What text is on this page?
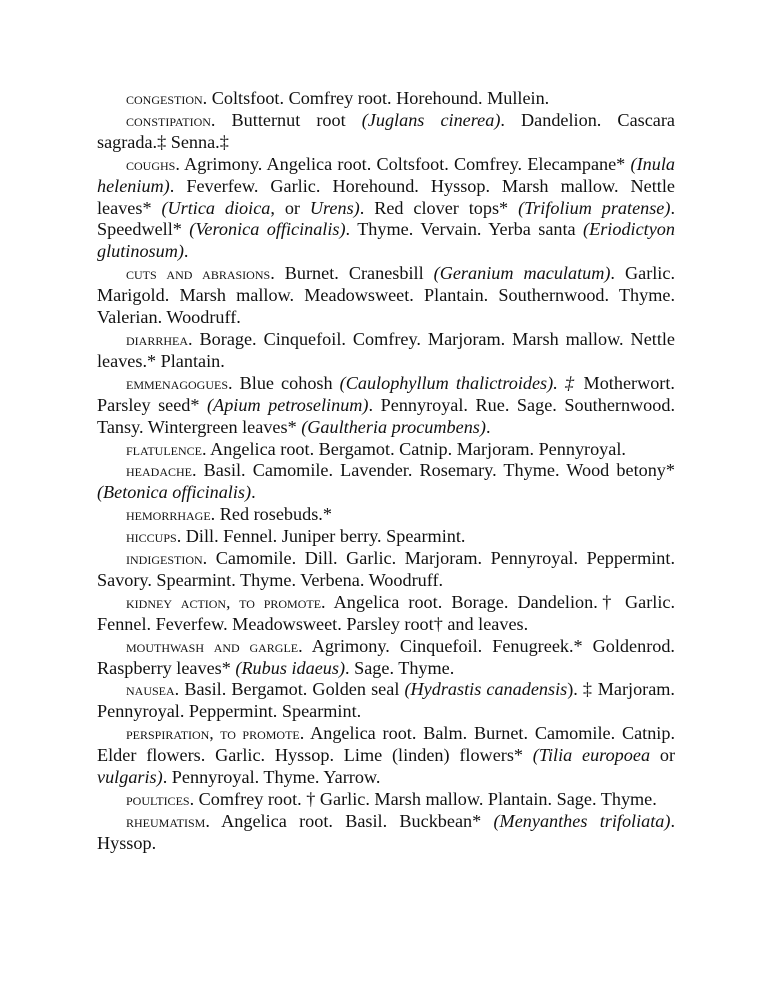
congestion. Coltsfoot. Comfrey root. Horehound. Mullein.

constipation. Butternut root (Juglans cinerea). Dandelion. Cascara sagrada.‡ Senna.‡

coughs. Agrimony. Angelica root. Coltsfoot. Comfrey. Elecampane* (Inula helenium). Feverfew. Garlic. Horehound. Hyssop. Marsh mallow. Nettle leaves* (Urtica dioica, or Urens). Red clover tops* (Trifolium pratense). Speedwell* (Veronica officinalis). Thyme. Vervain. Yerba santa (Eriodictyon glutinosum).

cuts and abrasions. Burnet. Cranesbill (Geranium maculatum). Garlic. Marigold. Marsh mallow. Meadowsweet. Plantain. Southernwood. Thyme. Valerian. Woodruff.

diarrhea. Borage. Cinquefoil. Comfrey. Marjoram. Marsh mallow. Nettle leaves.* Plantain.

emmenagogues. Blue cohosh (Caulophyllum thalictroides). ‡ Motherwort. Parsley seed* (Apium petroselinum). Pennyroyal. Rue. Sage. Southernwood. Tansy. Wintergreen leaves* (Gaultheria procumbens).

flatulence. Angelica root. Bergamot. Catnip. Marjoram. Pennyroyal.

headache. Basil. Camomile. Lavender. Rosemary. Thyme. Wood betony* (Betonica officinalis).

hemorrhage. Red rosebuds.*

hiccups. Dill. Fennel. Juniper berry. Spearmint.

indigestion. Camomile. Dill. Garlic. Marjoram. Pennyroyal. Peppermint. Savory. Spearmint. Thyme. Verbena. Woodruff.

kidney action, to promote. Angelica root. Borage. Dandelion.† Garlic. Fennel. Feverfew. Meadowsweet. Parsley root† and leaves.

mouthwash and gargle. Agrimony. Cinquefoil. Fenugreek.* Goldenrod. Raspberry leaves* (Rubus idaeus). Sage. Thyme.

nausea. Basil. Bergamot. Golden seal (Hydrastis canadensis). ‡ Marjoram. Pennyroyal. Peppermint. Spearmint.

perspiration, to promote. Angelica root. Balm. Burnet. Camomile. Catnip. Elder flowers. Garlic. Hyssop. Lime (linden) flowers* (Tilia europoea or vulgaris). Pennyroyal. Thyme. Yarrow.

poultices. Comfrey root. † Garlic. Marsh mallow. Plantain. Sage. Thyme.

rheumatism. Angelica root. Basil. Buckbean* (Menyanthes trifoliata). Hyssop.
